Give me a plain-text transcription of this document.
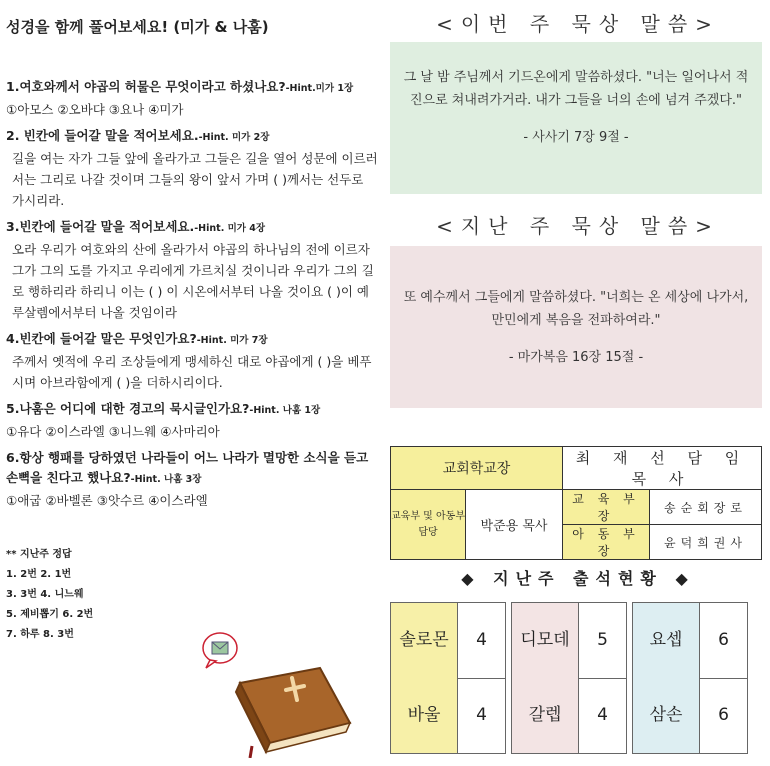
성경을 함께 풀어보세요! (미가 & 나훔)
1.여호와께서 야곱의 허물은 무엇이라고 하셨나요?-Hint.미가 1장
①아모스 ②오바댜 ③요나 ④미가
2. 빈칸에 들어갈 말을 적어보세요.-Hint. 미가 2장
길을 여는 자가 그들 앞에 올라가고 그들은 길을 열어 성문에 이르러서는 그리로 나갈 것이며 그들의 왕이 앞서 가며 ( )께서는 선두로 가시리라.
3.빈칸에 들어갈 말을 적어보세요.-Hint. 미가 4장
오라 우리가 여호와의 산에 올라가서 야곱의 하나님의 전에 이르자 그가 그의 도를 가지고 우리에게 가르치실 것이니라 우리가 그의 길로 행하리라 하리니 이는 ( ) 이 시온에서부터 나올 것이요 ( )이 예루살렘에서부터 나올 것임이라
4.빈칸에 들어갈 말은 무엇인가요?-Hint. 미가 7장
주께서 옛적에 우리 조상들에게 맹세하신 대로 야곱에게 ( )을 베푸시며 아브라함에게 ( )을 더하시리이다.
5.나훔은 어디에 대한 경고의 묵시글인가요?-Hint. 나훔 1장
①유다 ②이스라엘 ③니느웨 ④사마리아
6.항상 행패를 당하였던 나라들이 어느 나라가 멸망한 소식을 듣고 손뼉을 친다고 했나요?-Hint. 나훔 3장
①애굽 ②바벨론 ③앗수르 ④이스라엘
** 지난주 정답
1. 2번 2. 1번
3. 3번 4. 니느웨
5. 제비뽑기 6. 2번
7. 하루 8. 3번
<이번 주 묵상 말씀>
그 날 밤 주님께서 기드온에게 말씀하셨다. "너는 일어나서 적진으로 쳐내려가거라. 내가 그들을 너의 손에 넘겨 주겠다."
- 사사기 7장 9절 -
<지난 주 묵상 말씀>
또 예수께서 그들에게 말씀하셨다. "너희는 온 세상에 나가서, 만민에게 복음을 전파하여라."
- 마가복음 16장 15절 -
교회학교장		최 재 선 담 임 목 사	
교육부 및 아동부 담당	박준용 목사	교 육 부 장	송순회장로
		아 동 부 장	윤덕희권사
◆ 지난주 출석현황 ◆
솔로몬	4
바울	4
디모데	5
갈렙	4
요셉	6
삼손	6
